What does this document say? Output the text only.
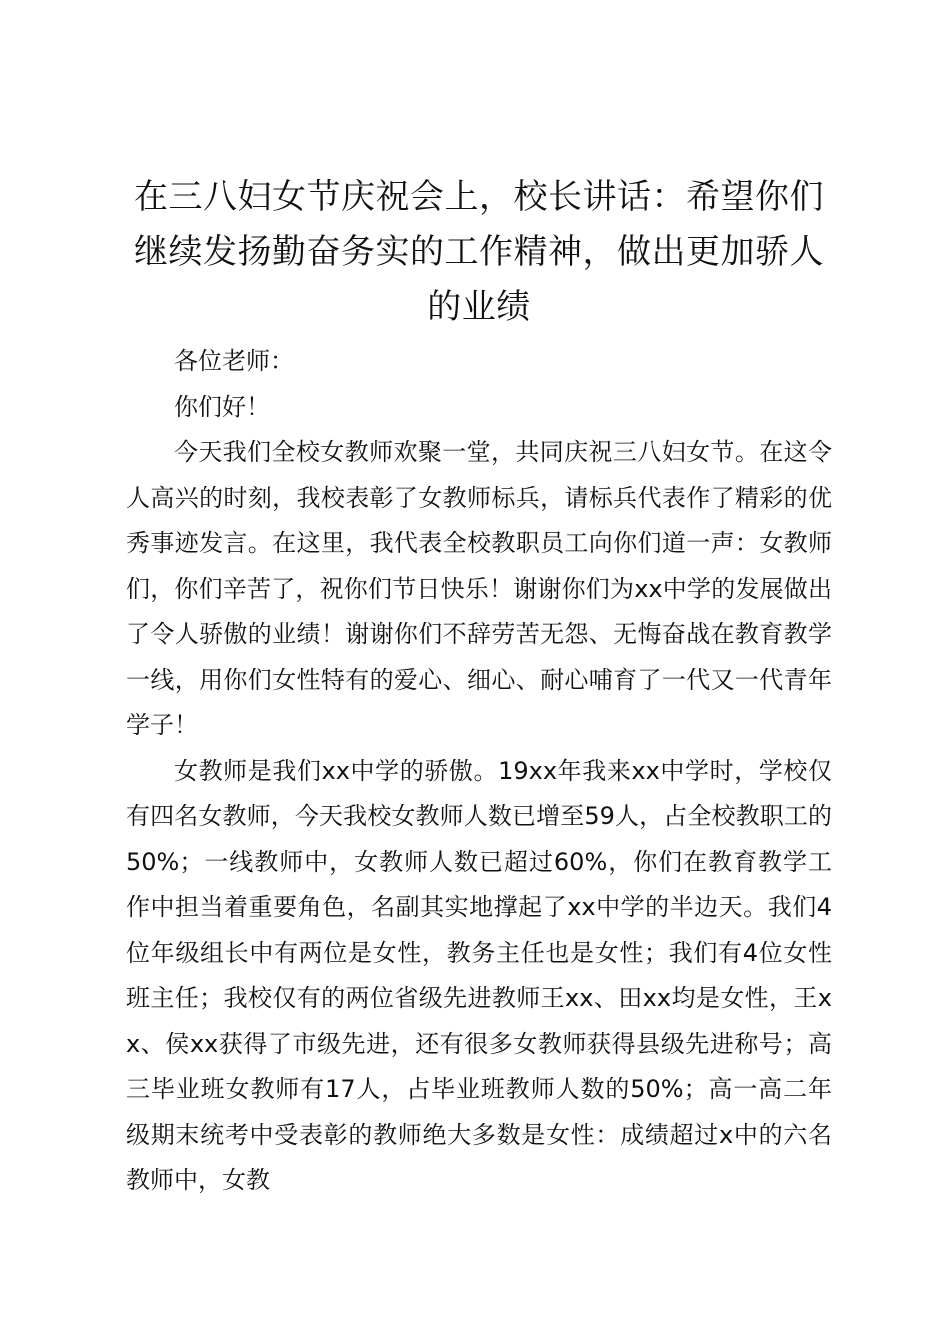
在三八妇女节庆祝会上，校长讲话：希望你们继续发扬勤奋务实的工作精神，做出更加骄人的业绩

各位老师：

你们好！

今天我们全校女教师欢聚一堂，共同庆祝三八妇女节。在这令人高兴的时刻，我校表彰了女教师标兵，请标兵代表作了精彩的优秀事迹发言。在这里，我代表全校教职员工向你们道一声：女教师们，你们辛苦了，祝你们节日快乐！谢谢你们为xx中学的发展做出了令人骄傲的业绩！谢谢你们不辞劳苦无怨、无悔奋战在教育教学一线，用你们女性特有的爱心、细心、耐心哺育了一代又一代青年学子！

女教师是我们xx中学的骄傲。19xx年我来xx中学时，学校仅有四名女教师，今天我校女教师人数已增至59人，占全校教职工的50%；一线教师中，女教师人数已超过60%，你们在教育教学工作中担当着重要角色，名副其实地撑起了xx中学的半边天。我们4位年级组长中有两位是女性，教务主任也是女性；我们有4位女性班主任；我校仅有的两位省级先进教师王xx、田xx均是女性，王xx、侯xx获得了市级先进，还有很多女教师获得县级先进称号；高三毕业班女教师有17人，占毕业班教师人数的50%；高一高二年级期末统考中受表彰的教师绝大多数是女性：成绩超过x中的六名教师中，女教
